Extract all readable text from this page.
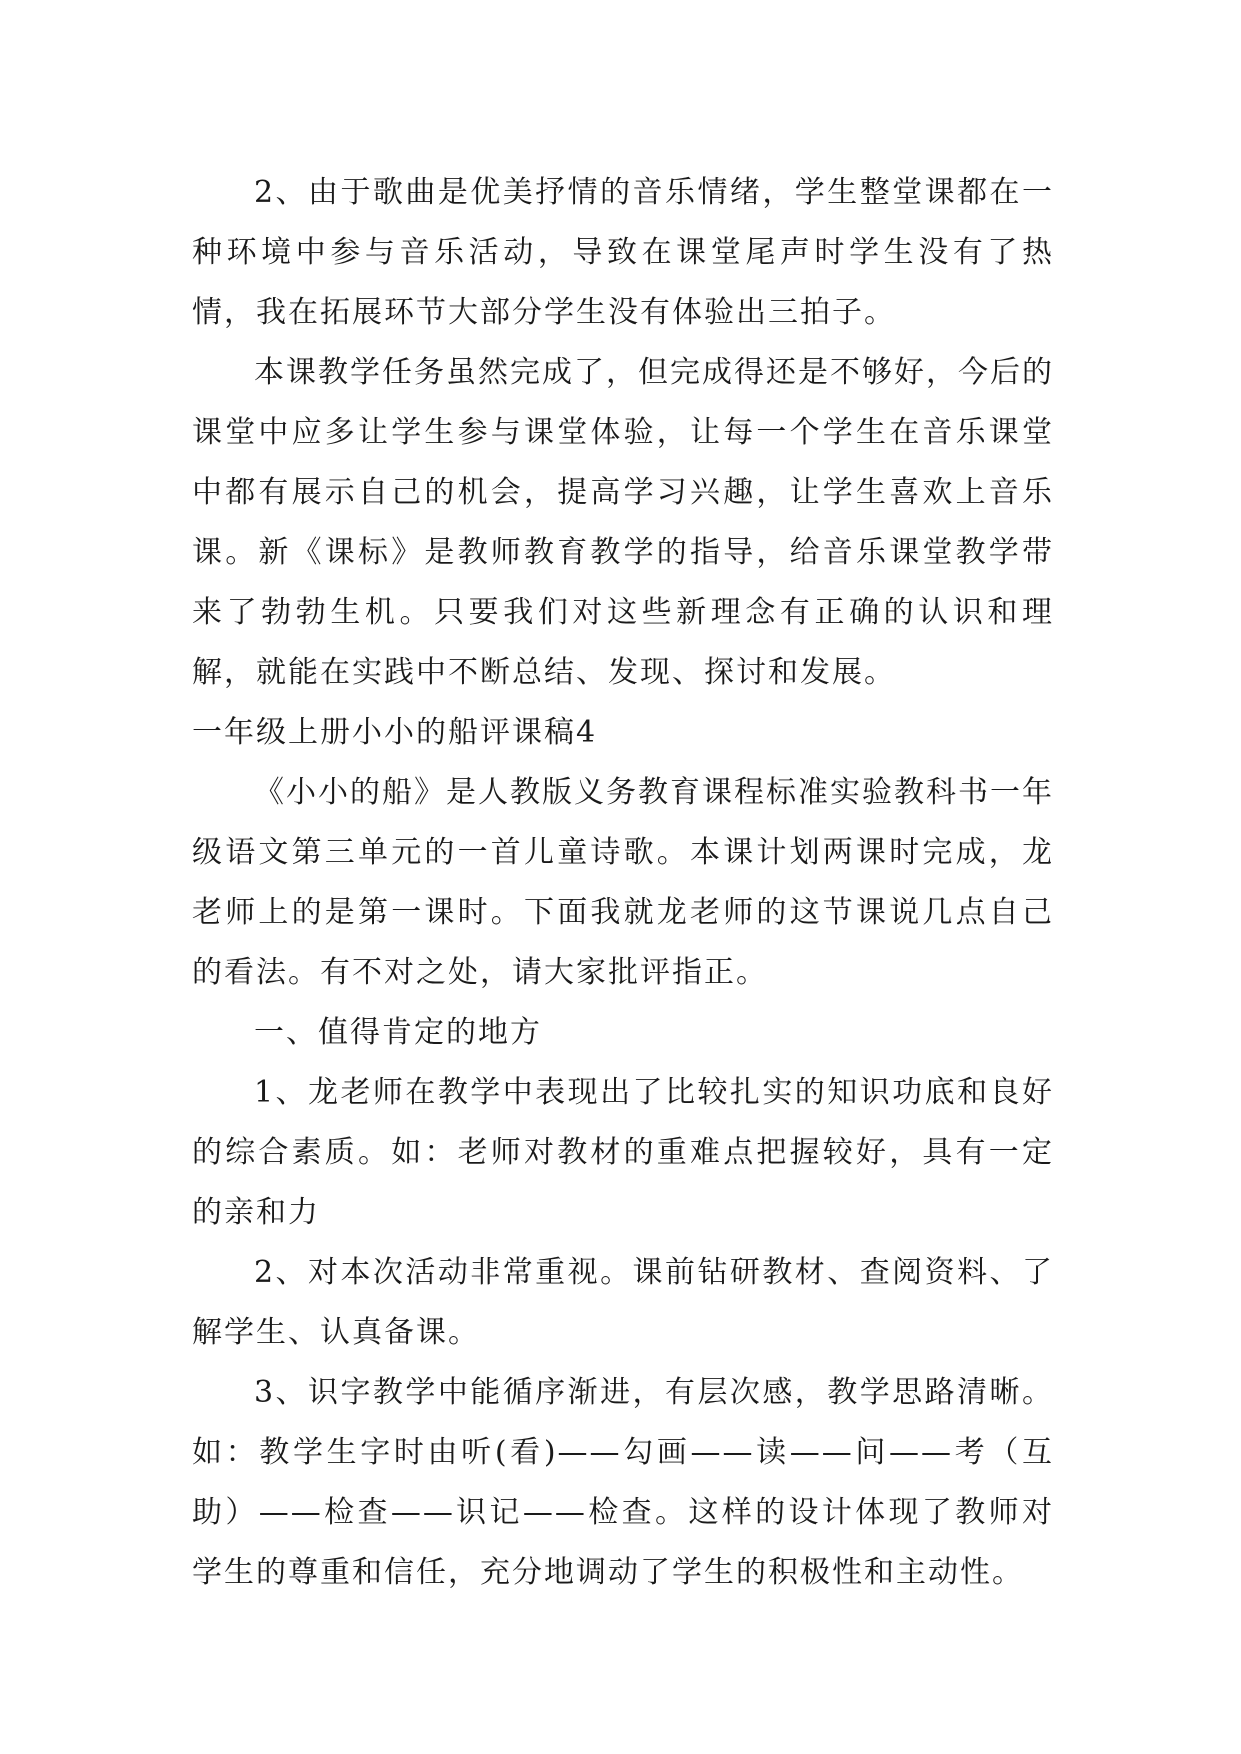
2、由于歌曲是优美抒情的音乐情绪，学生整堂课都在一种环境中参与音乐活动，导致在课堂尾声时学生没有了热情，我在拓展环节大部分学生没有体验出三拍子。

本课教学任务虽然完成了，但完成得还是不够好，今后的课堂中应多让学生参与课堂体验，让每一个学生在音乐课堂中都有展示自己的机会，提高学习兴趣，让学生喜欢上音乐课。新《课标》是教师教育教学的指导，给音乐课堂教学带来了勃勃生机。只要我们对这些新理念有正确的认识和理解，就能在实践中不断总结、发现、探讨和发展。

一年级上册小小的船评课稿4

《小小的船》是人教版义务教育课程标准实验教科书一年级语文第三单元的一首儿童诗歌。本课计划两课时完成，龙老师上的是第一课时。下面我就龙老师的这节课说几点自己的看法。有不对之处，请大家批评指正。

一、值得肯定的地方

1、龙老师在教学中表现出了比较扎实的知识功底和良好的综合素质。如：老师对教材的重难点把握较好，具有一定的亲和力

2、对本次活动非常重视。课前钻研教材、查阅资料、了解学生、认真备课。

3、识字教学中能循序渐进，有层次感，教学思路清晰。如：教学生字时由听(看)——勾画——读——问——考（互助）——检查——识记——检查。这样的设计体现了教师对学生的尊重和信任，充分地调动了学生的积极性和主动性。
